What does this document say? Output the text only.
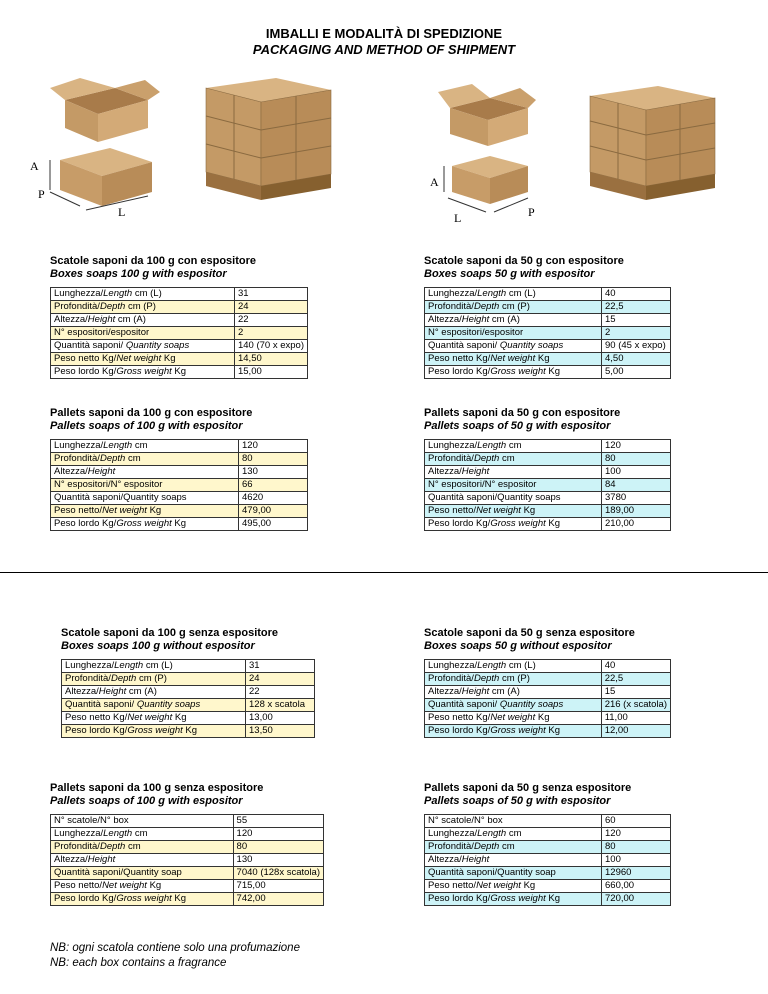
IMBALLI E MODALITÀ DI SPEDIZIONE
PACKAGING AND METHOD OF SHIPMENT
A
P
L
A
L	P
Scatole saponi da 100 g con espositore
Boxes soaps 100 g with espositor
Lunghezza/Length cm (L)	31
Profondità/Depth cm (P)	24
Altezza/Height cm (A)	22
N° espositori/espositor	2
Quantità saponi/ Quantity soaps	140 (70 x expo)
Peso netto Kg/Net weight Kg	14,50
Peso lordo Kg/Gross weight Kg	15,00
Scatole saponi da 50 g con espositore
Boxes soaps 50 g with espositor
Lunghezza/Length cm (L)	40
Profondità/Depth cm (P)	22,5
Altezza/Height cm (A)	15
N° espositori/espositor	2
Quantità saponi/ Quantity soaps	90 (45 x expo)
Peso netto Kg/Net weight Kg	4,50
Peso lordo Kg/Gross weight Kg	5,00
Pallets saponi da 100 g con espositore
Pallets soaps of 100 g with espositor
Lunghezza/Length cm	120
Profondità/Depth cm	80
Altezza/Height	130
N° espositori/N° espositor	66
Quantità saponi/Quantity soaps	4620
Peso netto/Net weight Kg	479,00
Peso lordo Kg/Gross weight Kg	495,00
Pallets saponi da 50 g con espositore
Pallets soaps of 50 g with espositor
Lunghezza/Length cm	120
Profondità/Depth cm	80
Altezza/Height	100
N° espositori/N° espositor	84
Quantità saponi/Quantity soaps	3780
Peso netto/Net weight Kg	189,00
Peso lordo Kg/Gross weight Kg	210,00
Scatole saponi da 100 g senza espositore
Boxes soaps 100 g without espositor
Lunghezza/Length cm (L)	31
Profondità/Depth cm (P)	24
Altezza/Height cm (A)	22
Quantità saponi/ Quantity soaps	128 x scatola
Peso netto Kg/Net weight Kg	13,00
Peso lordo Kg/Gross weight Kg	13,50
Scatole saponi da 50 g senza espositore
Boxes soaps 50 g without espositor
Lunghezza/Length cm (L)	40
Profondità/Depth cm (P)	22,5
Altezza/Height cm (A)	15
Quantità saponi/ Quantity soaps	216 (x scatola)
Peso netto Kg/Net weight Kg	11,00
Peso lordo Kg/Gross weight Kg	12,00
Pallets saponi da 100 g senza espositore
Pallets soaps of 100 g with espositor
N° scatole/N° box	55
Lunghezza/Length cm	120
Profondità/Depth cm	80
Altezza/Height	130
Quantità saponi/Quantity soap	7040 (128x scatola)
Peso netto/Net weight Kg	715,00
Peso lordo Kg/Gross weight Kg	742,00
Pallets saponi da 50 g senza espositore
Pallets soaps of 50 g with espositor
N° scatole/N° box	60
Lunghezza/Length cm	120
Profondità/Depth cm	80
Altezza/Height	100
Quantità saponi/Quantity soap	12960
Peso netto/Net weight Kg	660,00
Peso lordo Kg/Gross weight Kg	720,00
NB: ogni scatola contiene solo una profumazione
NB: each box contains a fragrance
